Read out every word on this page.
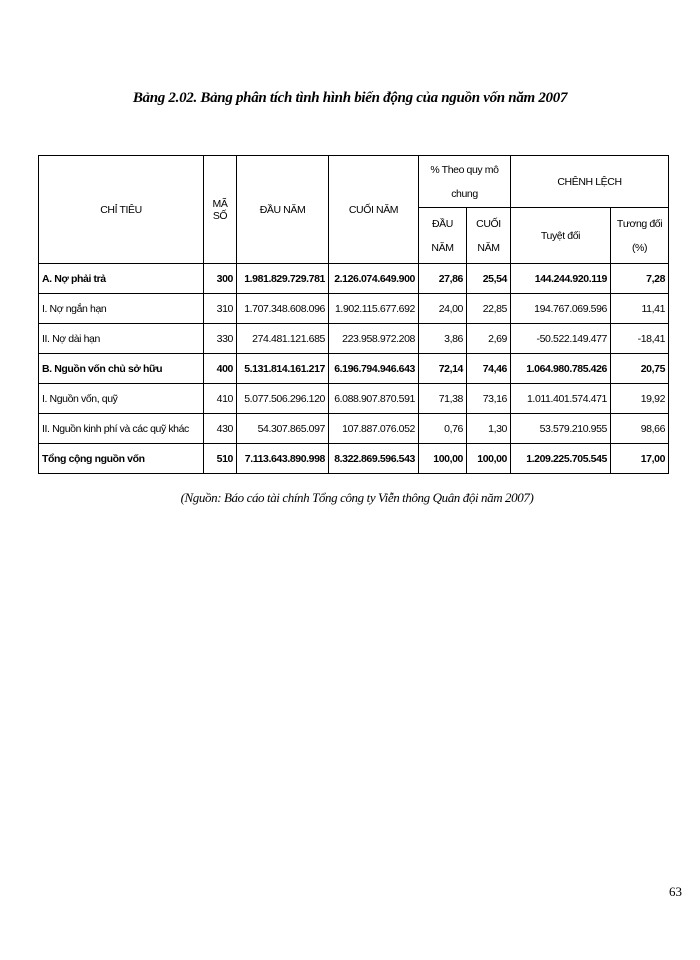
Bảng 2.02. Bảng phân tích tình hình biến động của nguồn vốn năm 2007
CHỈ TIÊU	MÃ SỐ	ĐẦU NĂM	CUỐI NĂM	% Theo quy mô chung		CHÊNH LỆCH	
				ĐẦU NĂM	CUỐI NĂM	Tuyệt đối	Tương đối (%)
A. Nợ phải trả	300	1.981.829.729.781	2.126.074.649.900	27,86	25,54	144.244.920.119	7,28
I. Nợ ngắn hạn	310	1.707.348.608.096	1.902.115.677.692	24,00	22,85	194.767.069.596	11,41
II. Nợ dài hạn	330	274.481.121.685	223.958.972.208	3,86	2,69	-50.522.149.477	-18,41
B. Nguồn vốn chủ sở hữu	400	5.131.814.161.217	6.196.794.946.643	72,14	74,46	1.064.980.785.426	20,75
I. Nguồn vốn, quỹ	410	5.077.506.296.120	6.088.907.870.591	71,38	73,16	1.011.401.574.471	19,92
II. Nguồn kinh phí và các quỹ khác	430	54.307.865.097	107.887.076.052	0,76	1,30	53.579.210.955	98,66
Tổng cộng nguồn vốn	510	7.113.643.890.998	8.322.869.596.543	100,00	100,00	1.209.225.705.545	17,00
(Nguồn: Báo cáo tài chính Tổng công ty Viễn thông Quân đội năm 2007)
63
